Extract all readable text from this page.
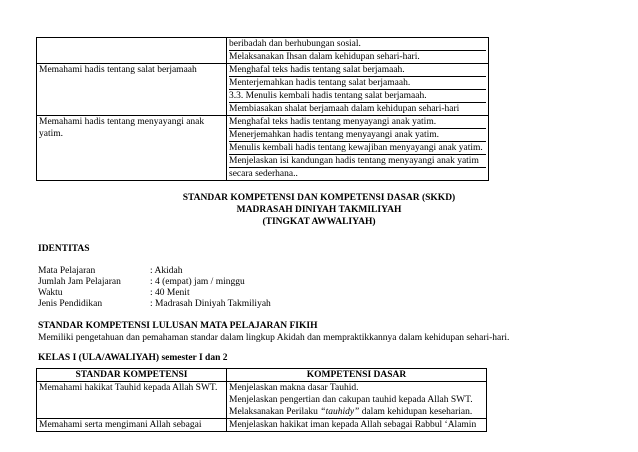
	beribadah dan berhubungan sosial.
Melaksanakan Ihsan dalam kehidupan sehari-hari.

Memahami hadis tentang salat berjamaah	Menghafal teks hadis tentang salat berjamaah.
Menterjemahkan hadis tentang salat berjamaah.
3.3. Menulis kembali hadis tentang salat berjamaah.
Membiasakan shalat berjamaah dalam kehidupan sehari-hari

Memahami hadis tentang menyayangi anak
yatim.	Menghafal teks hadis tentang menyayangi anak yatim.
Menerjemahkan hadis tentang menyayangi anak yatim.
Menulis kembali hadis tentang kewajiban menyayangi anak yatim.
Menjelaskan isi kandungan hadis tentang menyayangi anak yatim
secara sederhana..
STANDAR KOMPETENSI DAN KOMPETENSI DASAR (SKKD)
MADRASAH DINIYAH TAKMILIYAH
(TINGKAT AWWALIYAH)
IDENTITAS
Mata Pelajaran	: Akidah
Jumlah Jam Pelajaran	: 4 (empat) jam / minggu
Waktu	: 40 Menit
Jenis Pendidikan	: Madrasah Diniyah Takmiliyah
STANDAR KOMPETENSI LULUSAN MATA PELAJARAN FIKIH
Memiliki pengetahuan dan pemahaman standar dalam lingkup Akidah dan mempraktikkannya dalam kehidupan sehari-hari.
KELAS I (ULA/AWALIYAH) semester I dan 2
STANDAR KOMPETENSI	KOMPETENSI DASAR
Memahami hakikat Tauhid kepada Allah SWT.	Menjelaskan makna dasar Tauhid.
Menjelaskan pengertian dan cakupan tauhid kepada Allah SWT.
Melaksanakan Perilaku “tauhidy” dalam kehidupan keseharian.

Memahami serta mengimani Allah sebagai	Menjelaskan hakikat iman kepada Allah sebagai Rabbul ‘Alamin
